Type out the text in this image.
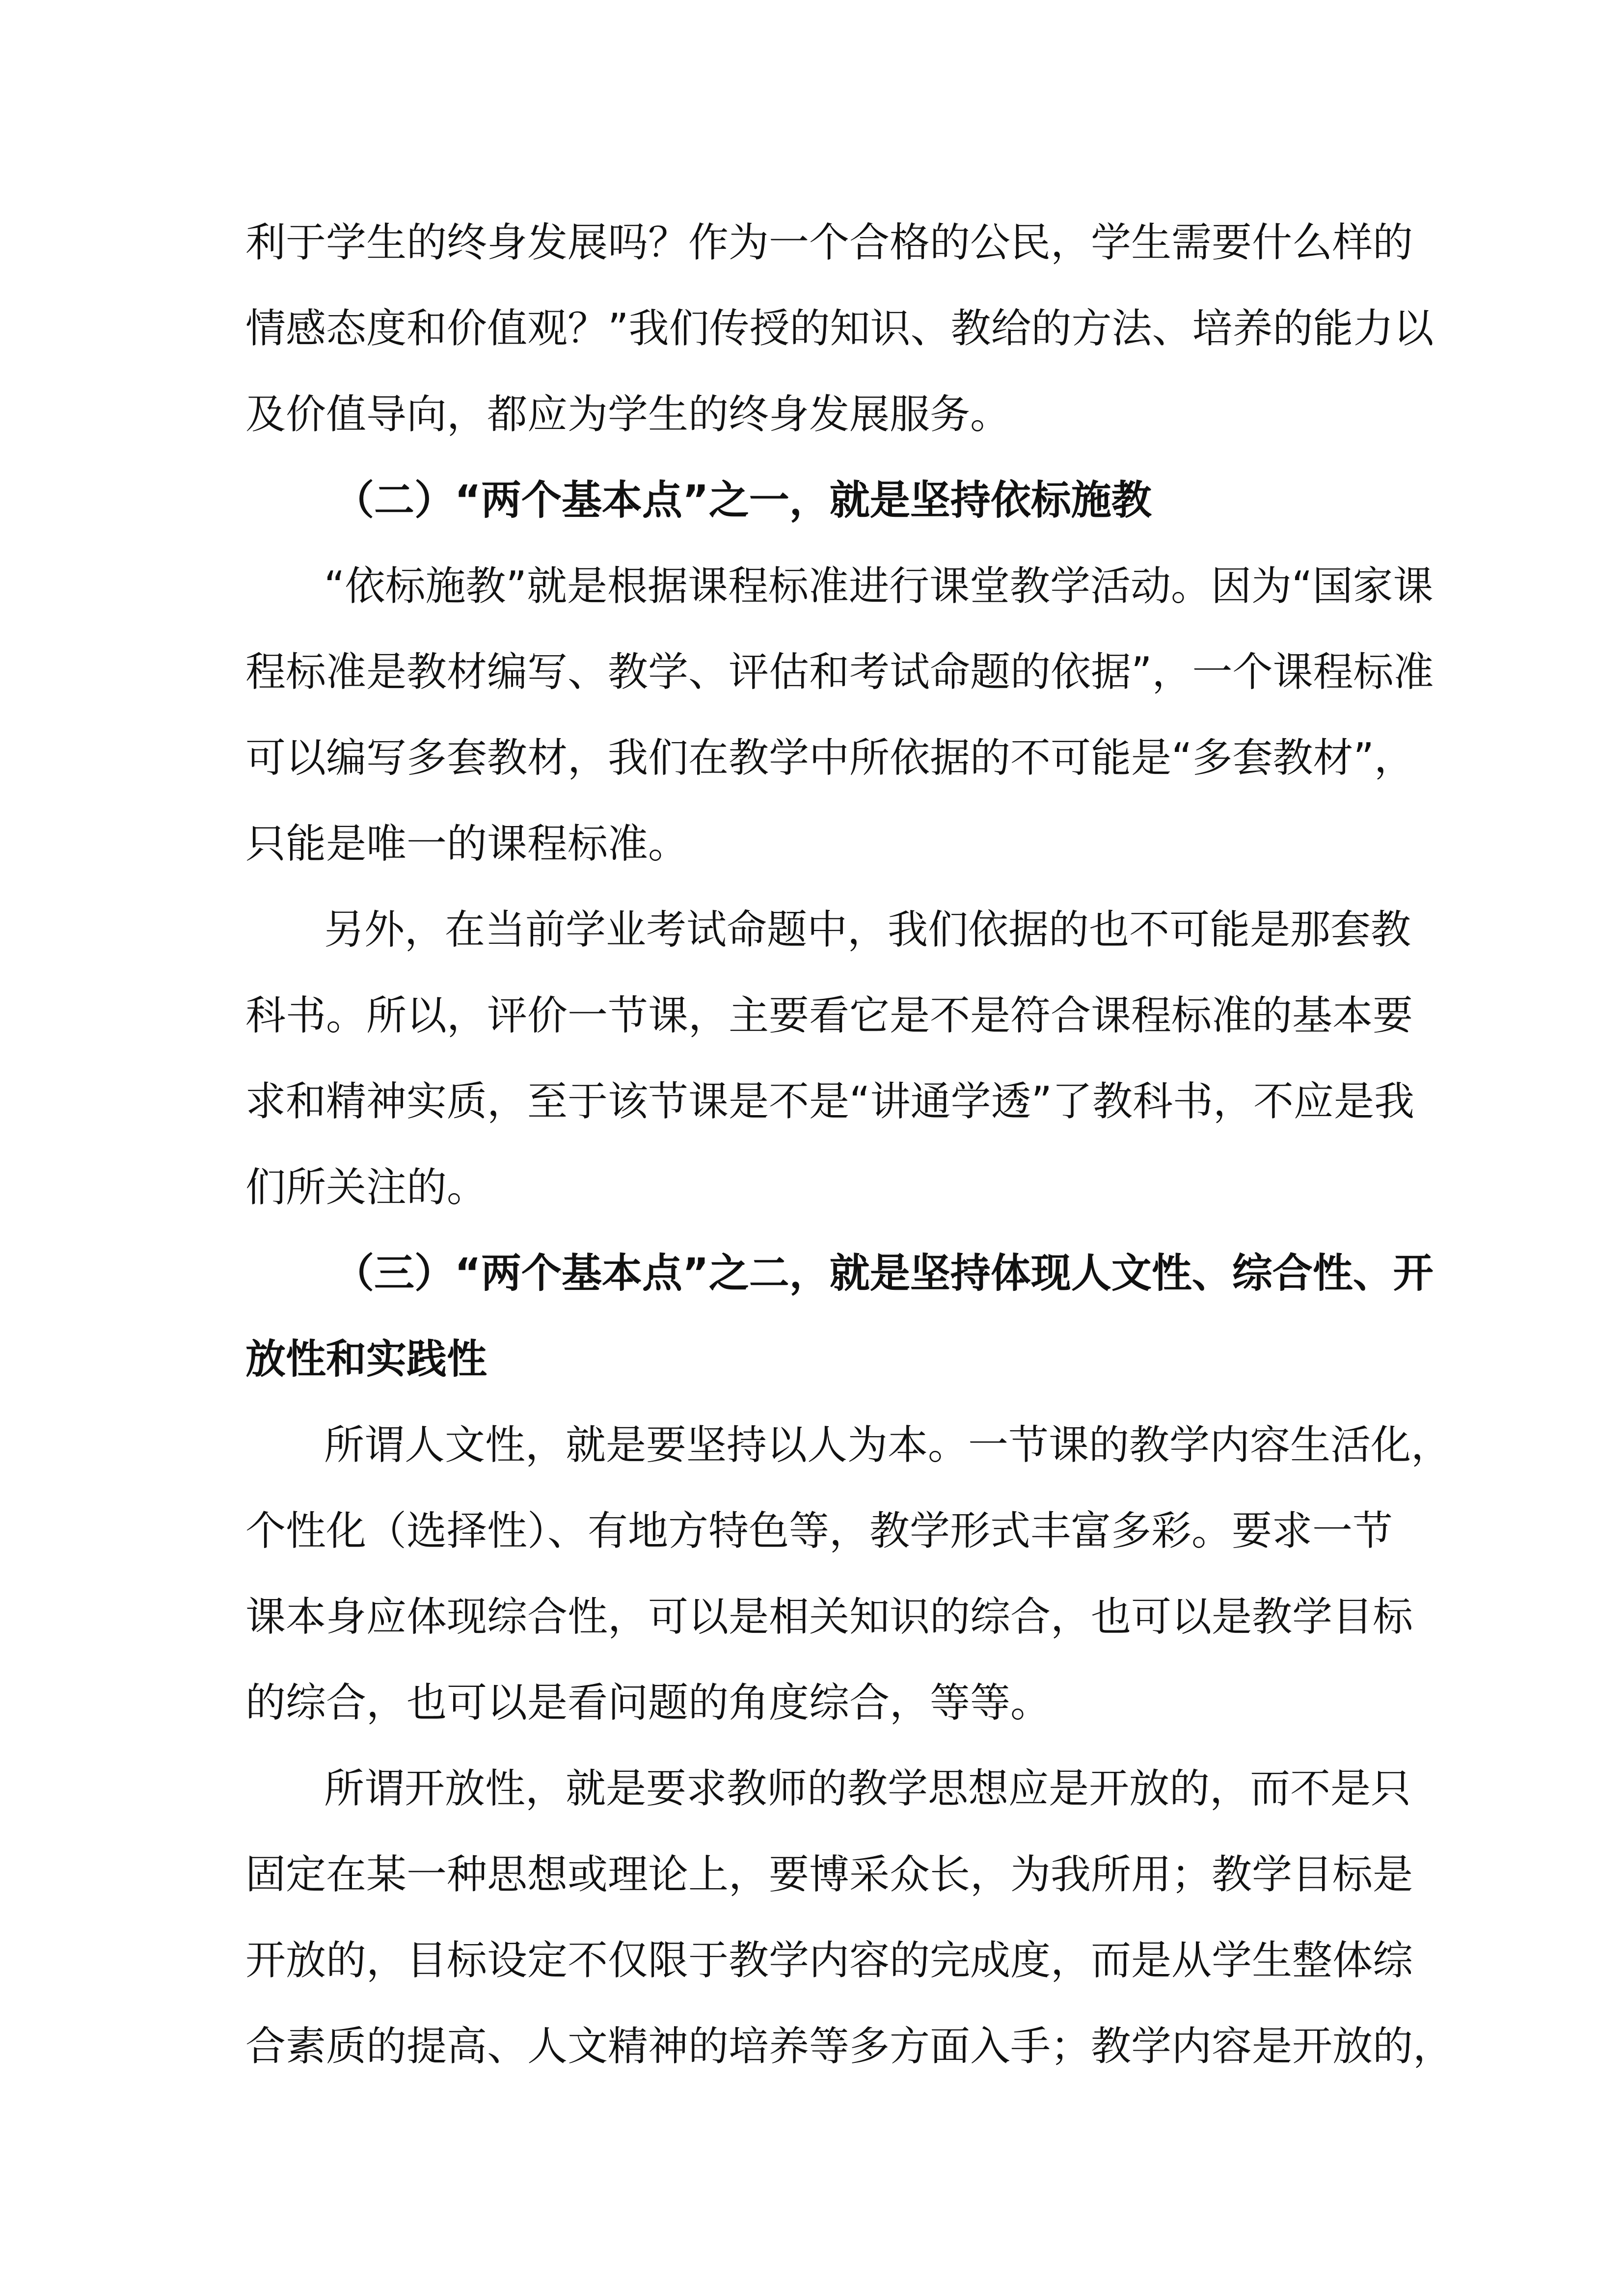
利于学生的终身发展吗？作为一个合格的公民，学生需要什么样的
情感态度和价值观？”我们传授的知识、教给的方法、培养的能力以
及价值导向，都应为学生的终身发展服务。
（二）“两个基本点”之一，就是坚持依标施教
“依标施教”就是根据课程标准进行课堂教学活动。因为“国家课
程标准是教材编写、教学、评估和考试命题的依据”，一个课程标准
可以编写多套教材，我们在教学中所依据的不可能是“多套教材”，
只能是唯一的课程标准。
另外，在当前学业考试命题中，我们依据的也不可能是那套教
科书。所以，评价一节课，主要看它是不是符合课程标准的基本要
求和精神实质，至于该节课是不是“讲通学透”了教科书，不应是我
们所关注的。
（三）“两个基本点”之二，就是坚持体现人文性、综合性、开
放性和实践性
所谓人文性，就是要坚持以人为本。一节课的教学内容生活化，
个性化（选择性）、有地方特色等，教学形式丰富多彩。要求一节
课本身应体现综合性，可以是相关知识的综合，也可以是教学目标
的综合，也可以是看问题的角度综合，等等。
所谓开放性，就是要求教师的教学思想应是开放的，而不是只
固定在某一种思想或理论上，要博采众长，为我所用；教学目标是
开放的，目标设定不仅限于教学内容的完成度，而是从学生整体综
合素质的提高、人文精神的培养等多方面入手；教学内容是开放的，
